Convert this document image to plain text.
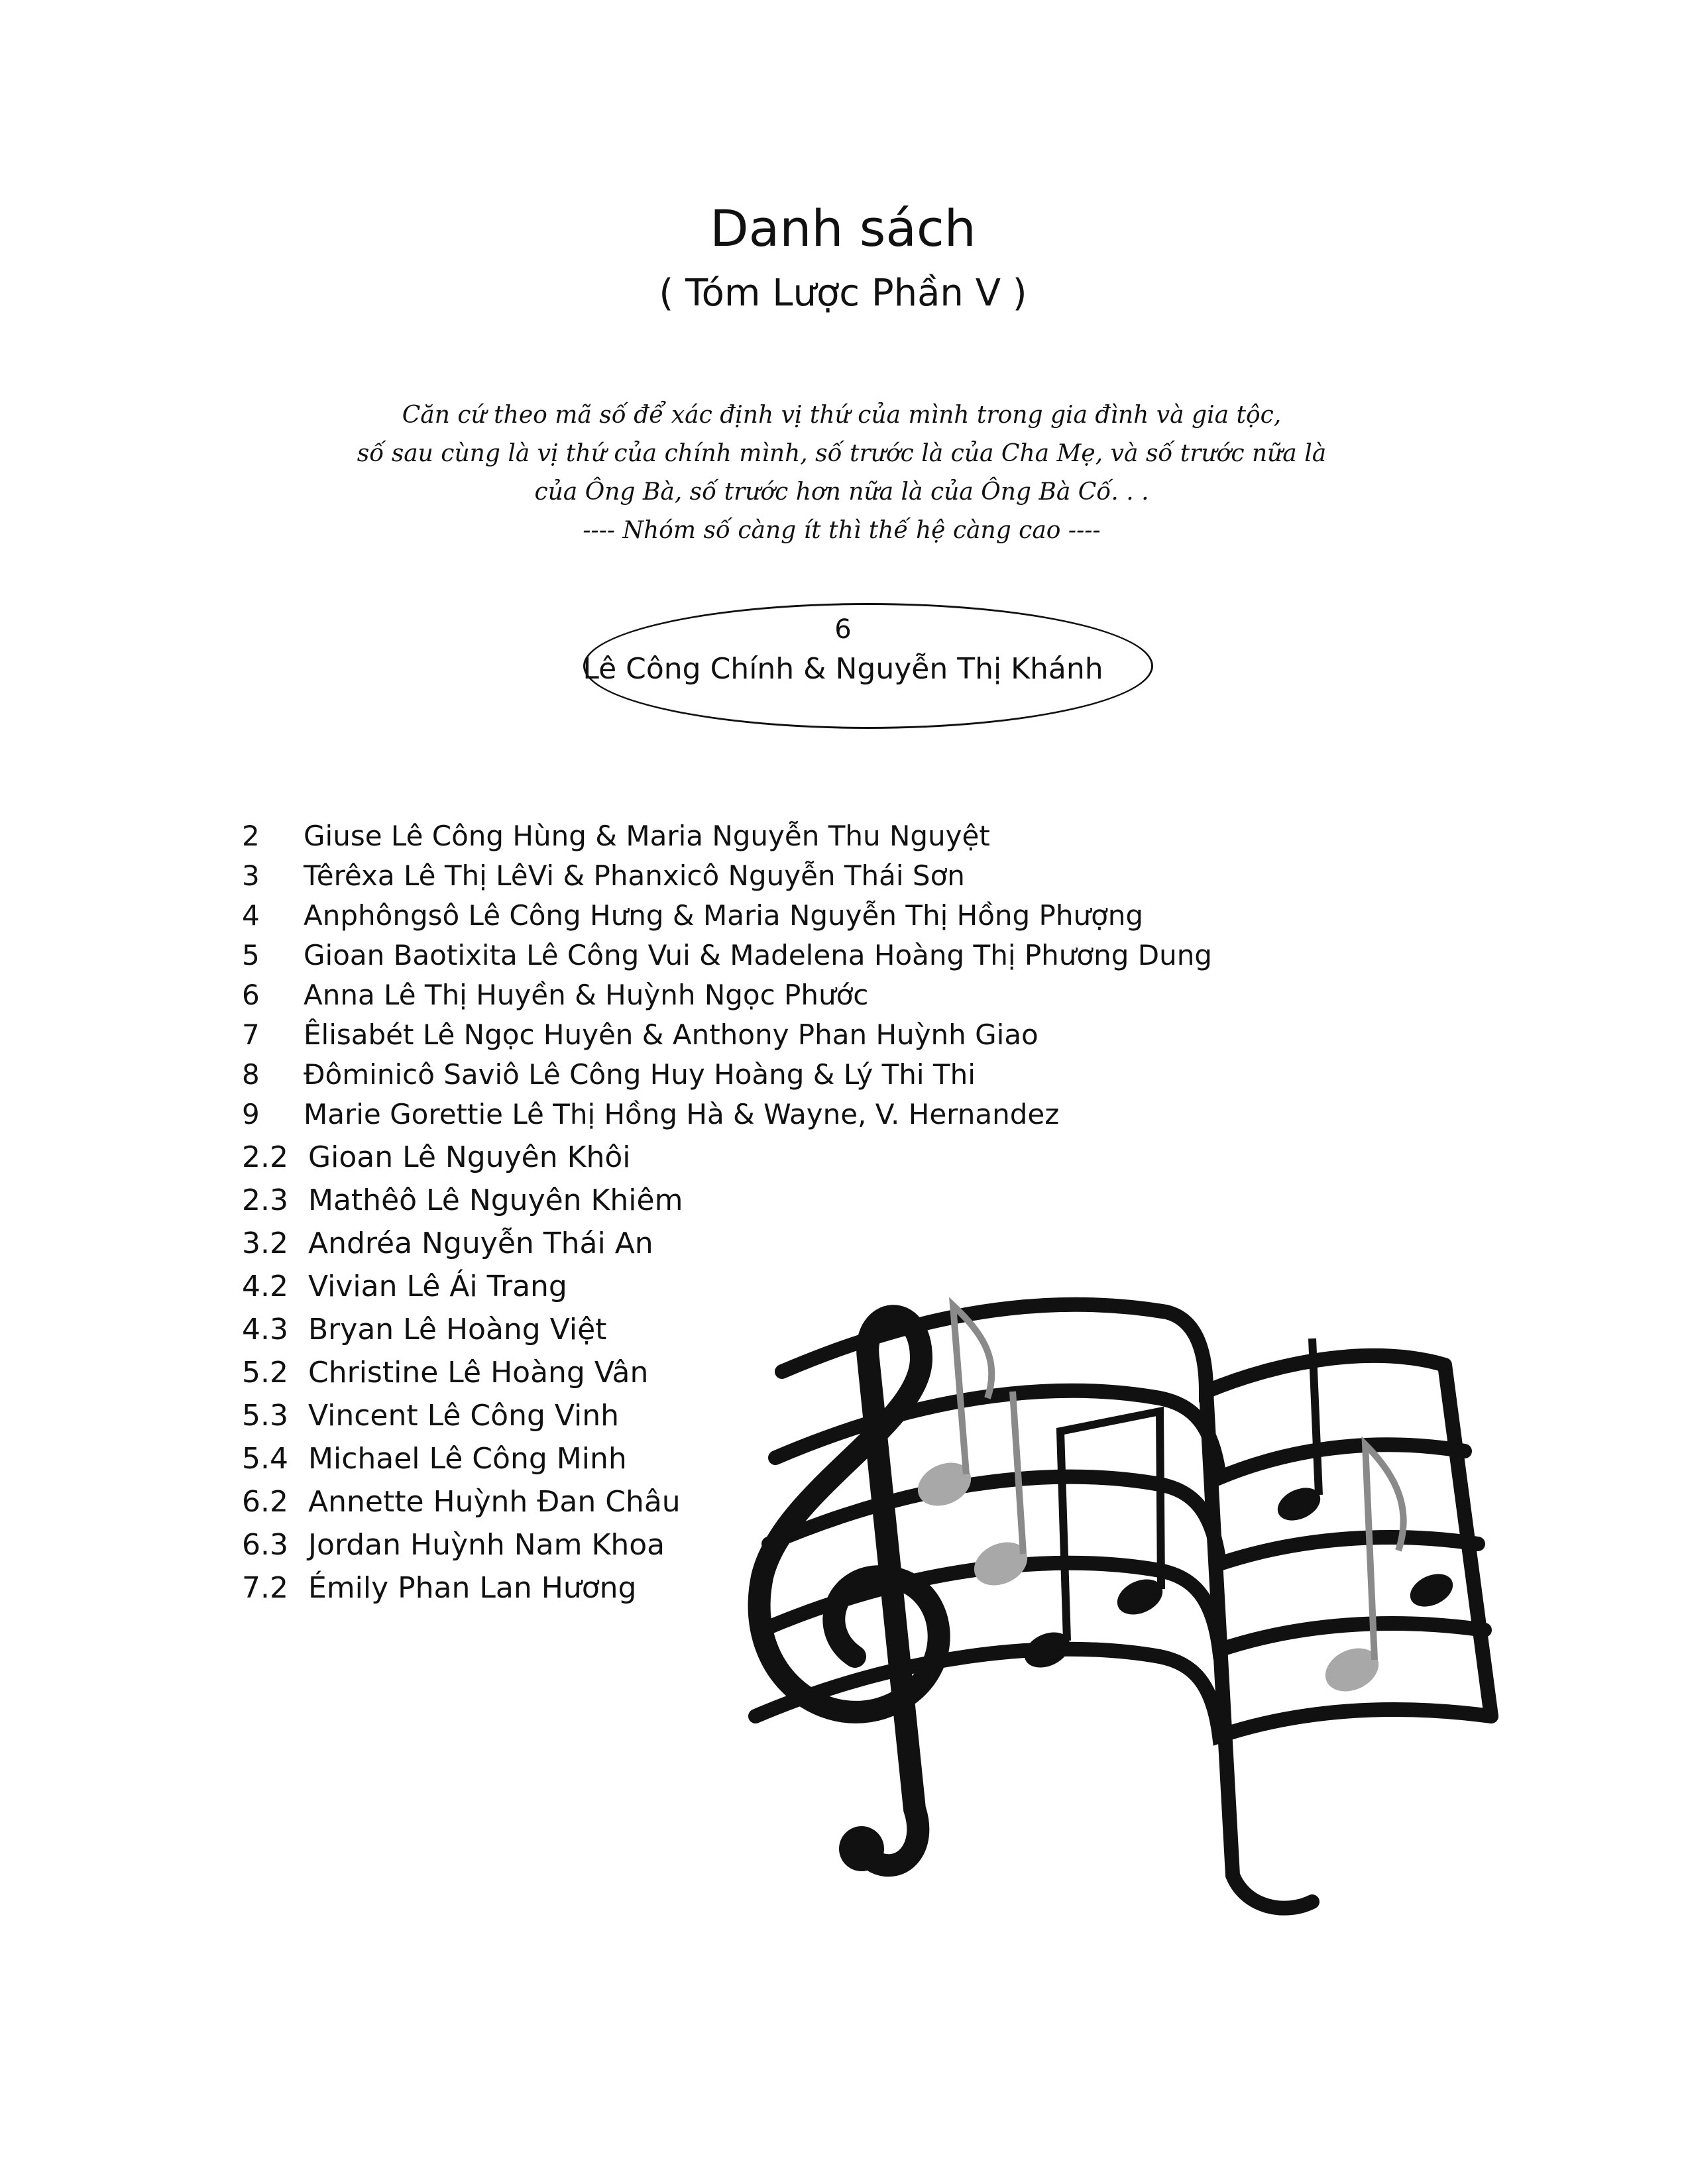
Danh sách
( Tóm Lược Phần V )
Căn cứ theo mã số để xác định vị thứ của mình trong gia đình và gia tộc,
số sau cùng là vị thứ của chính mình, số trước là của Cha Mẹ, và số trước nữa là
của Ông Bà, số trước hơn nữa là của Ông Bà Cố. . .
---- Nhóm số càng ít thì thế hệ càng cao ----
6
Lê Công Chính & Nguyễn Thị Khánh
2 Giuse Lê Công Hùng & Maria Nguyễn Thu Nguyệt
3 Têrêxa Lê Thị LêVi & Phanxicô Nguyễn Thái Sơn
4 Anphôngsô Lê Công Hưng & Maria Nguyễn Thị Hồng Phượng
5 Gioan Baotixita Lê Công Vui & Madelena Hoàng Thị Phương Dung
6 Anna Lê Thị Huyền & Huỳnh Ngọc Phước
7 Êlisabét Lê Ngọc Huyên & Anthony Phan Huỳnh Giao
8 Đôminicô Saviô Lê Công Huy Hoàng & Lý Thi Thi
9 Marie Gorettie Lê Thị Hồng Hà & Wayne, V. Hernandez
2.2 Gioan Lê Nguyên Khôi
2.3 Mathêô Lê Nguyên Khiêm
3.2 Andréa Nguyễn Thái An
4.2 Vivian Lê Ái Trang
4.3 Bryan Lê Hoàng Việt
5.2 Christine Lê Hoàng Vân
5.3 Vincent Lê Công Vinh
5.4 Michael Lê Công Minh
6.2 Annette Huỳnh Đan Châu
6.3 Jordan Huỳnh Nam Khoa
7.2 Émily Phan Lan Hương
